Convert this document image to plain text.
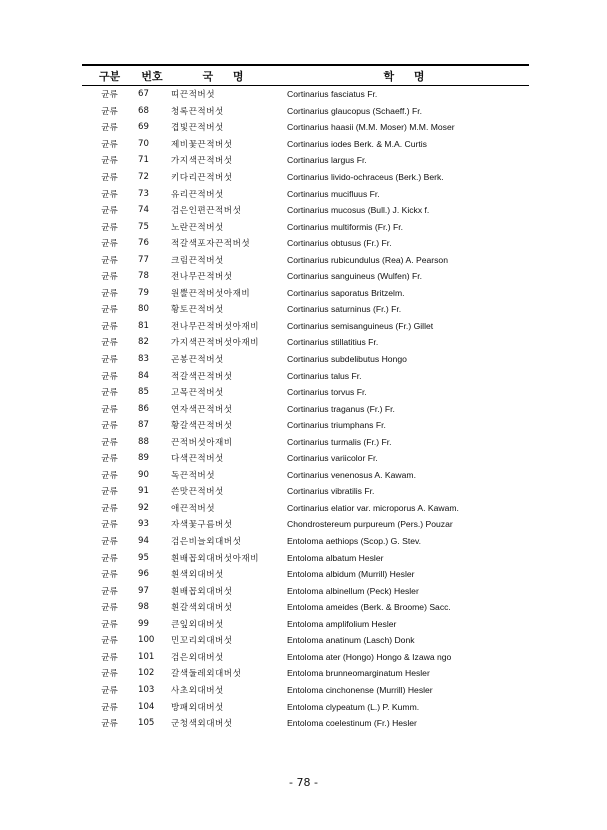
구분	번호	국 명	학 명
균류	67	띠끈적버섯	Cortinarius fasciatus Fr.
균류	68	청록끈적버섯	Cortinarius glaucopus (Schaeff.) Fr.
균류	69	겹빛끈적버섯	Cortinarius haasii (M.M. Moser) M.M. Moser
균류	70	제비꽃끈적버섯	Cortinarius iodes Berk. & M.A. Curtis
균류	71	가지색끈적버섯	Cortinarius largus Fr.
균류	72	키다리끈적버섯	Cortinarius livido-ochraceus (Berk.) Berk.
균류	73	유리끈적버섯	Cortinarius mucifluus Fr.
균류	74	검은인편끈적버섯	Cortinarius mucosus (Bull.) J. Kickx f.
균류	75	노란끈적버섯	Cortinarius multiformis (Fr.) Fr.
균류	76	적갈색포자끈적버섯	Cortinarius obtusus (Fr.) Fr.
균류	77	크림끈적버섯	Cortinarius rubicundulus (Rea) A. Pearson
균류	78	전나무끈적버섯	Cortinarius sanguineus (Wulfen) Fr.
균류	79	원뿔끈적버섯아재비	Cortinarius saporatus Britzelm.
균류	80	황토끈적버섯	Cortinarius saturninus (Fr.) Fr.
균류	81	전나무끈적버섯아재비	Cortinarius semisanguineus (Fr.) Gillet
균류	82	가지색끈적버섯아재비	Cortinarius stillatitius Fr.
균류	83	곤봉끈적버섯	Cortinarius subdelibutus Hongo
균류	84	적갈색끈적버섯	Cortinarius talus Fr.
균류	85	고목끈적버섯	Cortinarius torvus Fr.
균류	86	연자색끈적버섯	Cortinarius traganus (Fr.) Fr.
균류	87	황갈색끈적버섯	Cortinarius triumphans Fr.
균류	88	끈적버섯아재비	Cortinarius turmalis (Fr.) Fr.
균류	89	다색끈적버섯	Cortinarius variicolor Fr.
균류	90	독끈적버섯	Cortinarius venenosus A. Kawam.
균류	91	쓴맛끈적버섯	Cortinarius vibratilis Fr.
균류	92	애끈적버섯	Cortinarius elatior var. microporus A. Kawam.
균류	93	자색꽃구름버섯	Chondrostereum purpureum (Pers.) Pouzar
균류	94	검은비늘외대버섯	Entoloma aethiops (Scop.) G. Stev.
균류	95	흰배꼽외대버섯아재비	Entoloma albatum Hesler
균류	96	흰색외대버섯	Entoloma albidum (Murrill) Hesler
균류	97	흰배꼽외대버섯	Entoloma albinellum (Peck) Hesler
균류	98	흰갈색외대버섯	Entoloma ameides (Berk. & Broome) Sacc.
균류	99	큰잎외대버섯	Entoloma amplifolium Hesler
균류	100	민꼬리외대버섯	Entoloma anatinum (Lasch) Donk
균류	101	검은외대버섯	Entoloma ater (Hongo) Hongo & Izawa ngo
균류	102	갈색둘레외대버섯	Entoloma brunneomarginatum Hesler
균류	103	사초외대버섯	Entoloma cinchonense (Murrill) Hesler
균류	104	방패외대버섯	Entoloma clypeatum (L.) P. Kumm.
균류	105	군청색외대버섯	Entoloma coelestinum (Fr.) Hesler
- 78 -
